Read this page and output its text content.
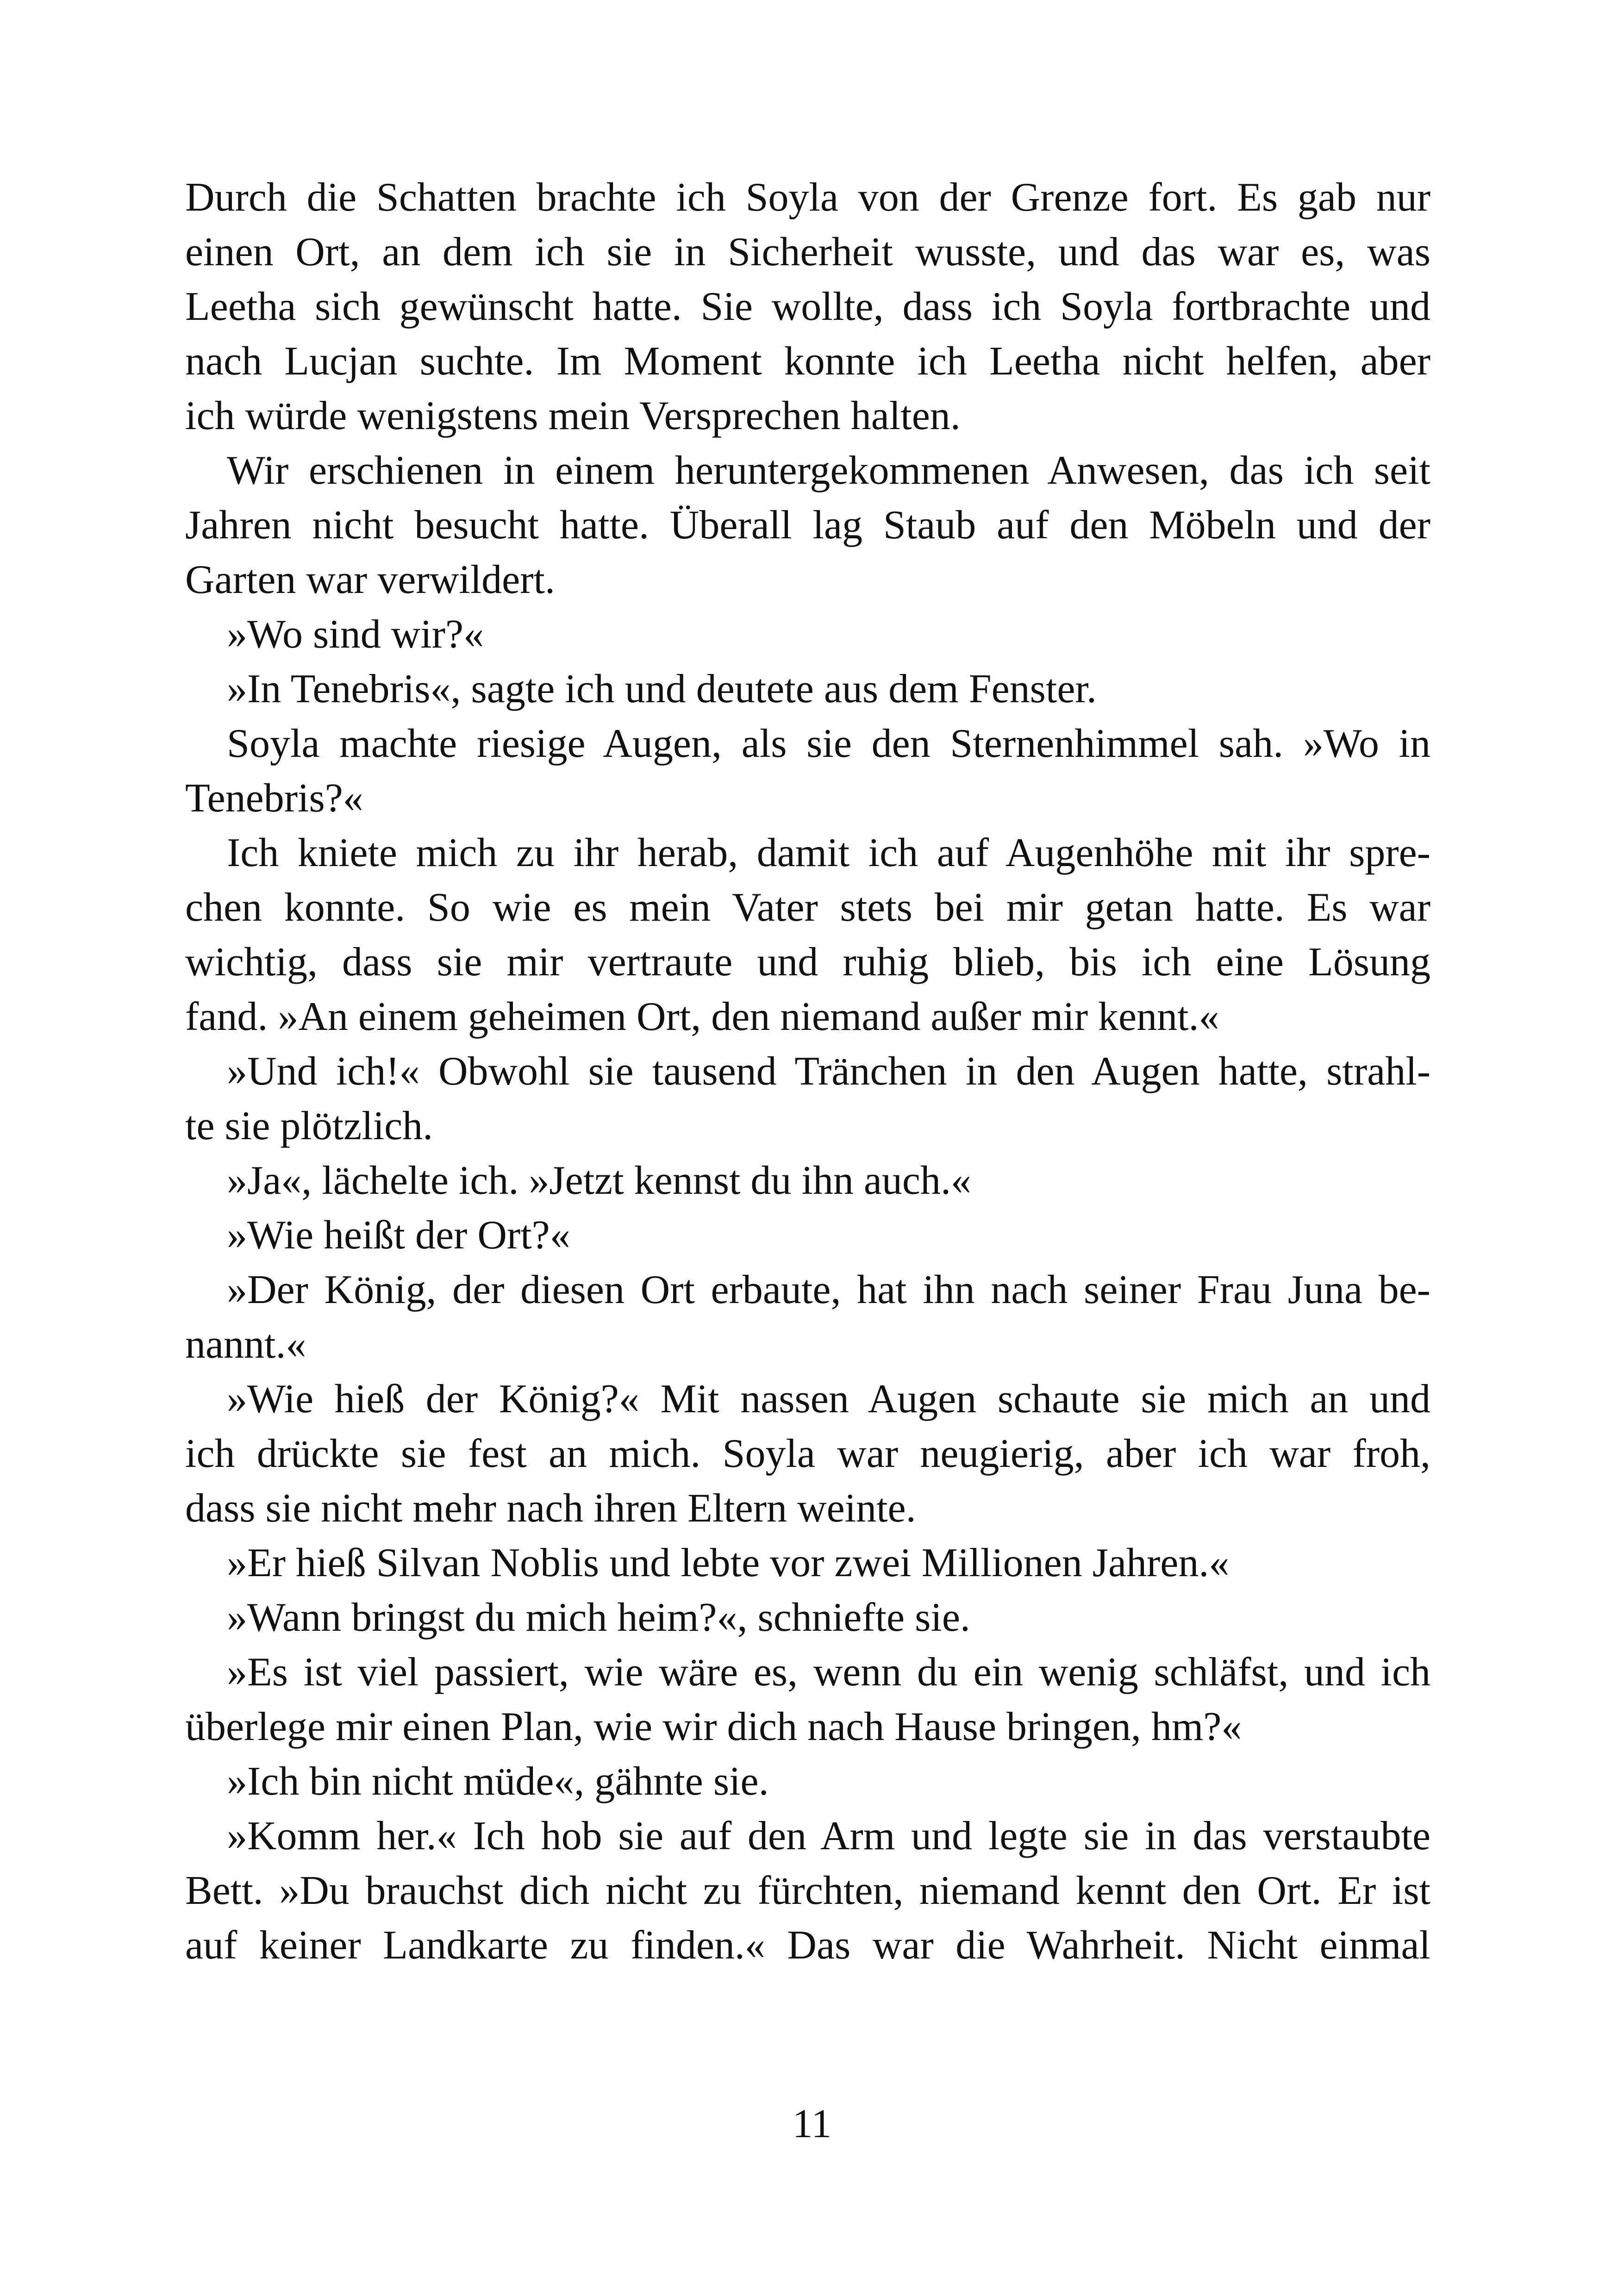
Durch die Schatten brachte ich Soyla von der Grenze fort. Es gab nur
einen Ort, an dem ich sie in Sicherheit wusste, und das war es, was
Leetha sich gewünscht hatte. Sie wollte, dass ich Soyla fortbrachte und
nach Lucjan suchte. Im Moment konnte ich Leetha nicht helfen, aber
ich würde wenigstens mein Versprechen halten.
Wir erschienen in einem heruntergekommenen Anwesen, das ich seit
Jahren nicht besucht hatte. Überall lag Staub auf den Möbeln und der
Garten war verwildert.
»Wo sind wir?«
»In Tenebris«, sagte ich und deutete aus dem Fenster.
Soyla machte riesige Augen, als sie den Sternenhimmel sah. »Wo in
Tenebris?«
Ich kniete mich zu ihr herab, damit ich auf Augenhöhe mit ihr spre-
chen konnte. So wie es mein Vater stets bei mir getan hatte. Es war
wichtig, dass sie mir vertraute und ruhig blieb, bis ich eine Lösung
fand. »An einem geheimen Ort, den niemand außer mir kennt.«
»Und ich!« Obwohl sie tausend Tränchen in den Augen hatte, strahl-
te sie plötzlich.
»Ja«, lächelte ich. »Jetzt kennst du ihn auch.«
»Wie heißt der Ort?«
»Der König, der diesen Ort erbaute, hat ihn nach seiner Frau Juna be-
nannt.«
»Wie hieß der König?« Mit nassen Augen schaute sie mich an und
ich drückte sie fest an mich. Soyla war neugierig, aber ich war froh,
dass sie nicht mehr nach ihren Eltern weinte.
»Er hieß Silvan Noblis und lebte vor zwei Millionen Jahren.«
»Wann bringst du mich heim?«, schniefte sie.
»Es ist viel passiert, wie wäre es, wenn du ein wenig schläfst, und ich
überlege mir einen Plan, wie wir dich nach Hause bringen, hm?«
»Ich bin nicht müde«, gähnte sie.
»Komm her.« Ich hob sie auf den Arm und legte sie in das verstaubte
Bett. »Du brauchst dich nicht zu fürchten, niemand kennt den Ort. Er ist
auf keiner Landkarte zu finden.« Das war die Wahrheit. Nicht einmal
11
